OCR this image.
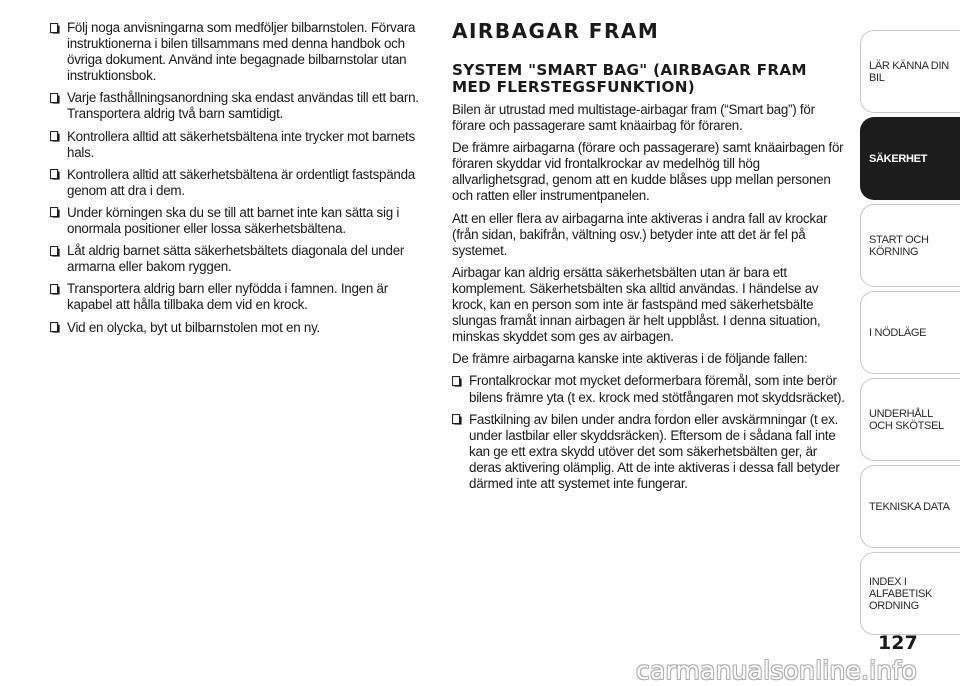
Följ noga anvisningarna som medföljer bilbarnstolen. Förvara instruktionerna i bilen tillsammans med denna handbok och övriga dokument. Använd inte begagnade bilbarnstolar utan instruktionsbok.
Varje fasthållningsanordning ska endast användas till ett barn. Transportera aldrig två barn samtidigt.
Kontrollera alltid att säkerhetsbältena inte trycker mot barnets hals.
Kontrollera alltid att säkerhetsbältena är ordentligt fastspända genom att dra i dem.
Under körningen ska du se till att barnet inte kan sätta sig i onormala positioner eller lossa säkerhetsbältena.
Låt aldrig barnet sätta säkerhetsbältets diagonala del under armarna eller bakom ryggen.
Transportera aldrig barn eller nyfödda i famnen. Ingen är kapabel att hålla tillbaka dem vid en krock.
Vid en olycka, byt ut bilbarnstolen mot en ny.
AIRBAGAR FRAM
SYSTEM "SMART BAG" (AIRBAGAR FRAM MED FLERSTEGSFUNKTION)

Bilen är utrustad med multistage-airbagar fram (“Smart bag”) för förare och passagerare samt knäairbag för föraren.

De främre airbagarna (förare och passagerare) samt knäairbagen för föraren skyddar vid frontalkrockar av medelhög till hög allvarlighetsgrad, genom att en kudde blåses upp mellan personen och ratten eller instrumentpanelen.

Att en eller flera av airbagarna inte aktiveras i andra fall av krockar (från sidan, bakifrån, vältning osv.) betyder inte att det är fel på systemet.

Airbagar kan aldrig ersätta säkerhetsbälten utan är bara ett komplement. Säkerhetsbälten ska alltid användas. I händelse av krock, kan en person som inte är fastspänd med säkerhetsbälte slungas framåt innan airbagen är helt uppblåst. I denna situation, minskas skyddet som ges av airbagen.

De främre airbagarna kanske inte aktiveras i de följande fallen:

Frontalkrockar mot mycket deformerbara föremål, som inte berör bilens främre yta (t ex. krock med stötfångaren mot skyddsräcket).
Fastkilning av bilen under andra fordon eller avskärmningar (t ex. under lastbilar eller skyddsräcken). Eftersom de i sådana fall inte kan ge ett extra skydd utöver det som säkerhetsbälten ger, är deras aktivering olämplig. Att de inte aktiveras i dessa fall betyder därmed inte att systemet inte fungerar.
LÄR KÄNNA DIN BIL
SÄKERHET
START OCH KÖRNING
I NÖDLÄGE
UNDERHÅLL OCH SKÖTSEL
TEKNISKA DATA
INDEX I ALFABETISK ORDNING
127
carmanualsonline.info
